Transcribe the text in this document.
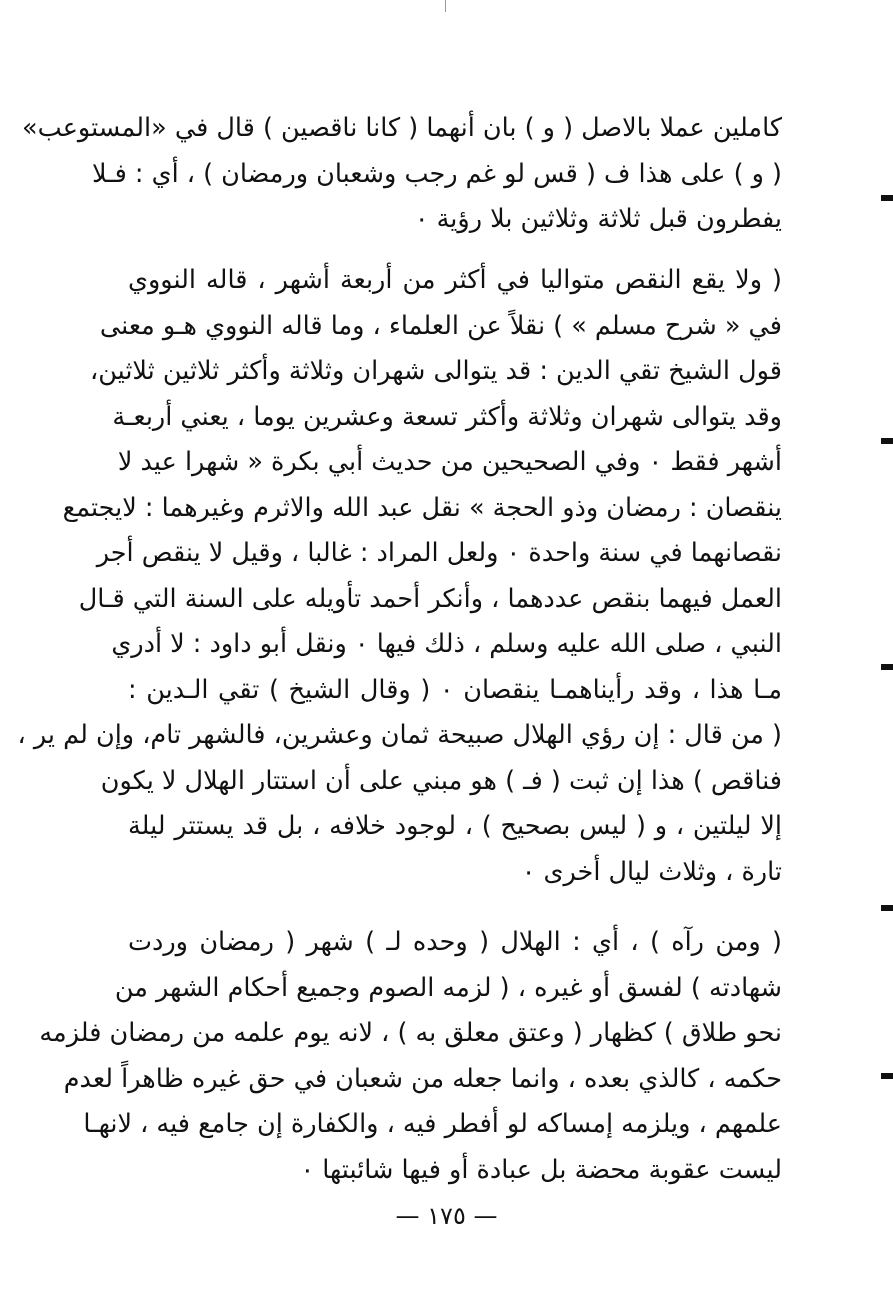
كاملين عملا بالاصل ( و ) بان أنهما ( كانا ناقصين ) قال في «المستوعب»
( و ) على هذا ف ( قس لو غم رجب وشعبان ورمضان ) ، أي : فـلا
يفطرون قبل ثلاثة وثلاثين بلا رؤية ٠
( ولا يقع النقص متواليا في أكثر من أربعة أشهر ، قاله النووي
في « شرح مسلم » ) نقلاً عن العلماء ، وما قاله النووي هـو معنى
قول الشيخ تقي الدين : قد يتوالى شهران وثلاثة وأكثر ثلاثين ثلاثين،
وقد يتوالى شهران وثلاثة وأكثر تسعة وعشرين يوما ، يعني أربعـة
أشهر فقط ٠ وفي الصحيحين من حديث أبي بكرة « شهرا عيد لا
ينقصان : رمضان وذو الحجة » نقل عبد الله والاثرم وغيرهما : لايجتمع
نقصانهما في سنة واحدة ٠ ولعل المراد : غالبا ، وقيل لا ينقص أجر
العمل فيهما بنقص عددهما ، وأنكر أحمد تأويله على السنة التي قـال
النبي ، صلى الله عليه وسلم ، ذلك فيها ٠ ونقل أبو داود : لا أدري
مـا هذا ، وقد رأيناهمـا ينقصان ٠ ( وقال الشيخ ) تقي الـدين :
( من قال : إن رؤي الهلال صبيحة ثمان وعشرين، فالشهر تام، وإن لم ير ،
فناقص ) هذا إن ثبت ( فـ ) هو مبني على أن استتار الهلال لا يكون
إلا ليلتين ، و ( ليس بصحيح ) ، لوجود خلافه ، بل قد يستتر ليلة
تارة ، وثلاث ليال أخرى ٠
( ومن رآه ) ، أي : الهلال ( وحده لـ ) شهر ( رمضان وردت
شهادته ) لفسق أو غيره ، ( لزمه الصوم وجميع أحكام الشهر من
نحو طلاق ) كظهار ( وعتق معلق به ) ، لانه يوم علمه من رمضان فلزمه
حكمه ، كالذي بعده ، وانما جعله من شعبان في حق غيره ظاهراً لعدم
علمهم ، ويلزمه إمساكه لو أفطر فيه ، والكفارة إن جامع فيه ، لانهـا
ليست عقوبة محضة بل عبادة أو فيها شائبتها ٠
— ١٧٥ —
